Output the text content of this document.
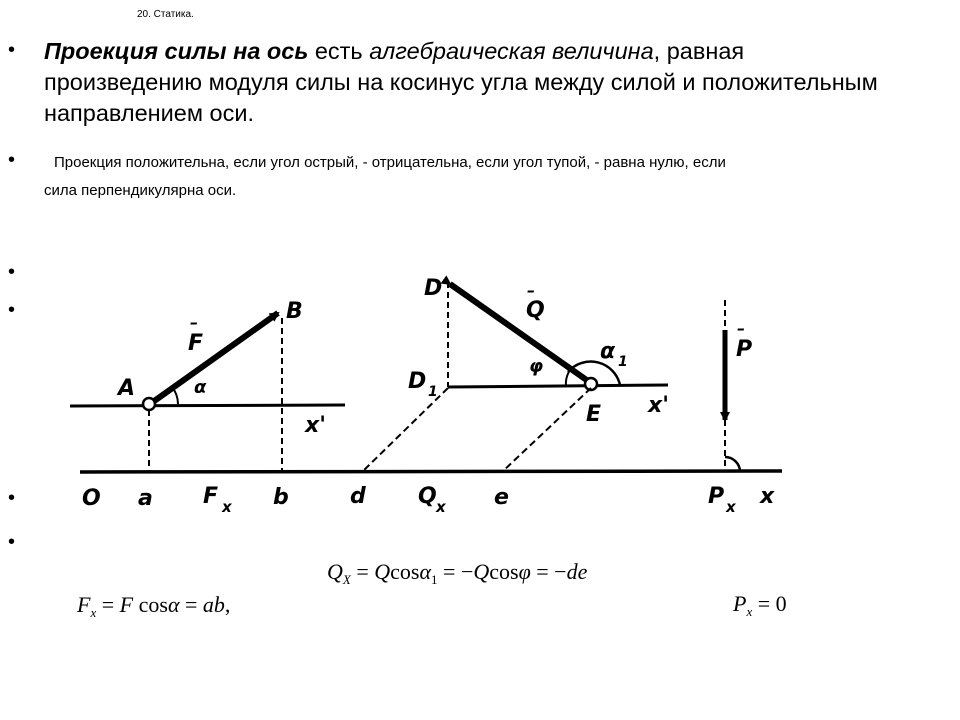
20. Статика.
•
•
•
•
•
•
Проекция силы на ось есть алгебраическая величина, равная произведению модуля силы на косинус угла между силой и положительным направлением оси.
Проекция положительна, если угол острый, - отрицательна, если угол тупой, - равна нулю, если
сила перпендикулярна оси.
O a F x b	d Q x e	P x x
A	α
F
–	B
x'
D
Q
–
φ
α 1
D 1
E x'
P
–
$Q_X = Qcos\alpha_1 = -Qcos\varphi = -de$
$F_x = F$ cosα = ab,	$P_x = 0$
